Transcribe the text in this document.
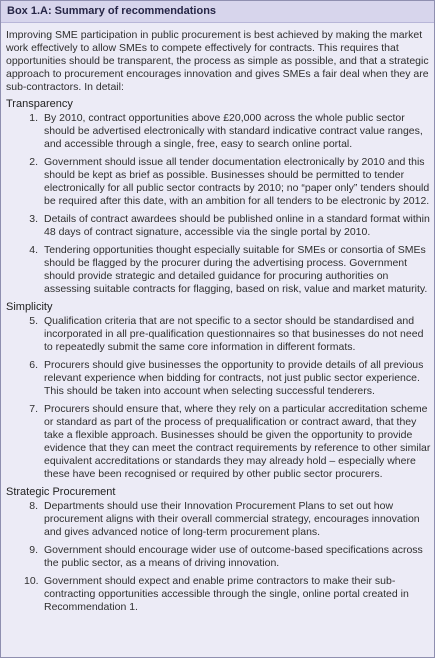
Box 1.A: Summary of recommendations

Improving SME participation in public procurement is best achieved by making the market work effectively to allow SMEs to compete effectively for contracts. This requires that opportunities should be transparent, the process as simple as possible, and that a strategic approach to procurement encourages innovation and gives SMEs a fair deal when they are sub-contractors. In detail:

Transparency
1. By 2010, contract opportunities above £20,000 across the whole public sector should be advertised electronically with standard indicative contract value ranges, and accessible through a single, free, easy to search online portal.
2. Government should issue all tender documentation electronically by 2010 and this should be kept as brief as possible. Businesses should be permitted to tender electronically for all public sector contracts by 2010; no “paper only” tenders should be required after this date, with an ambition for all tenders to be electronic by 2012.
3. Details of contract awardees should be published online in a standard format within 48 days of contract signature, accessible via the single portal by 2010.
4. Tendering opportunities thought especially suitable for SMEs or consortia of SMEs should be flagged by the procurer during the advertising process. Government should provide strategic and detailed guidance for procuring authorities on assessing suitable contracts for flagging, based on risk, value and market maturity.
Simplicity
5. Qualification criteria that are not specific to a sector should be standardised and incorporated in all pre-qualification questionnaires so that businesses do not need to repeatedly submit the same core information in different formats.
6. Procurers should give businesses the opportunity to provide details of all previous relevant experience when bidding for contracts, not just public sector experience. This should be taken into account when selecting successful tenderers.
7. Procurers should ensure that, where they rely on a particular accreditation scheme or standard as part of the process of prequalification or contract award, that they take a flexible approach. Businesses should be given the opportunity to provide evidence that they can meet the contract requirements by reference to other similar equivalent accreditations or standards they may already hold – especially where these have been recognised or required by other public sector procurers.
Strategic Procurement
8. Departments should use their Innovation Procurement Plans to set out how procurement aligns with their overall commercial strategy, encourages innovation and gives advanced notice of long-term procurement plans.
9. Government should encourage wider use of outcome-based specifications across the public sector, as a means of driving innovation.
10. Government should expect and enable prime contractors to make their sub-contracting opportunities accessible through the single, online portal created in Recommendation 1.
